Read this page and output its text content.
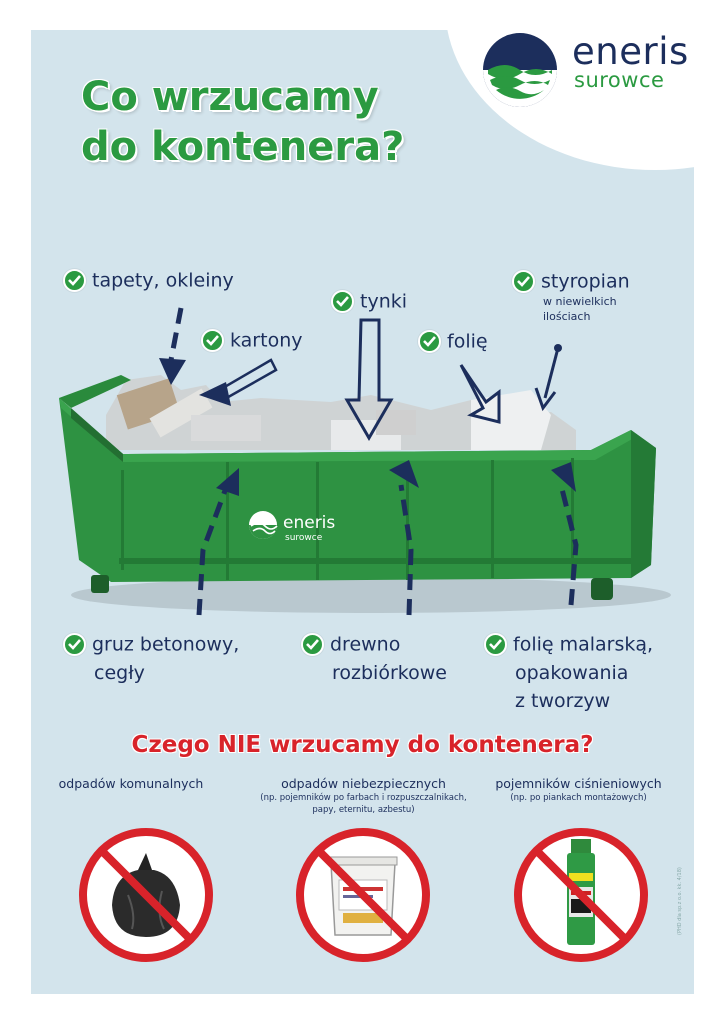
eneris
surowce
Co wrzucamy
do kontenera?
eneris
surowce
tapety, okleiny
kartony
tynki
folię
styropian
w niewielkich
ilościach
gruz betonowy,
cegły
drewno
rozbiórkowe
folię malarską,
opakowania
z tworzyw
Czego NIE wrzucamy do kontenera?
odpadów komunalnych	odpadów niebezpiecznych
(np. pojemników po farbach i rozpuszczalnikach,
papy, eternitu, azbestu)
pojemników ciśnieniowych
(np. po piankach montażowych)
(PHD dla sp.z o.o. kk. 4/18)
